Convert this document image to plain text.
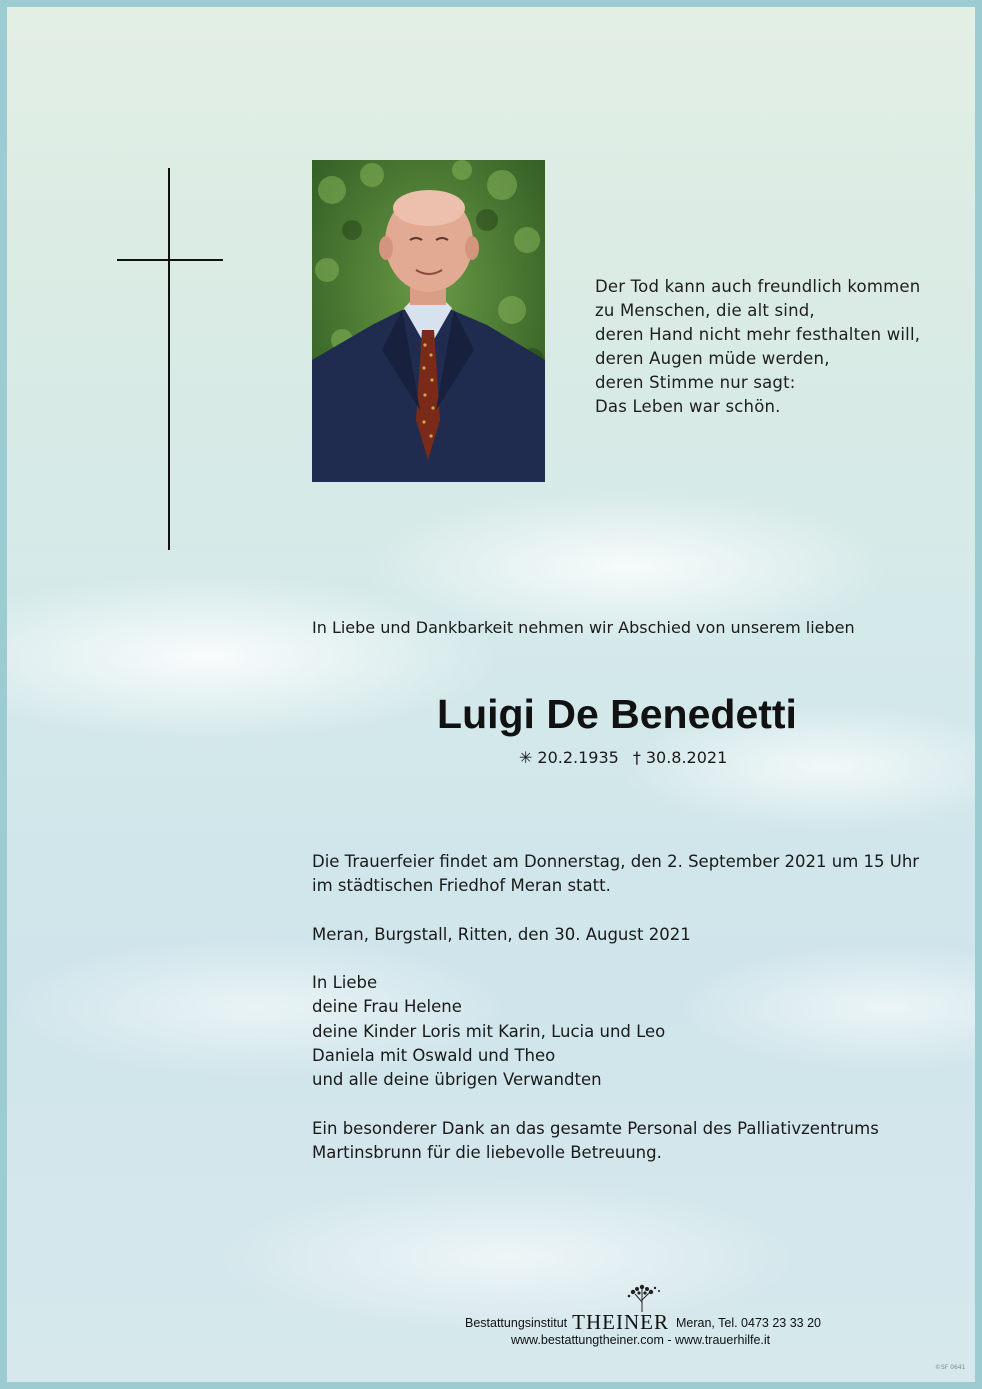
Der Tod kann auch freundlich kommen
zu Menschen, die alt sind,
deren Hand nicht mehr festhalten will,
deren Augen müde werden,
deren Stimme nur sagt:
Das Leben war schön.
In Liebe und Dankbarkeit nehmen wir Abschied von unserem lieben
Luigi De Benedetti
✳ 20.2.1935 † 30.8.2021
Die Trauerfeier findet am Donnerstag, den 2. September 2021 um 15 Uhr
im städtischen Friedhof Meran statt.
Meran, Burgstall, Ritten, den 30. August 2021
In Liebe
deine Frau Helene
deine Kinder Loris mit Karin, Lucia und Leo
Daniela mit Oswald und Theo
und alle deine übrigen Verwandten
Ein besonderer Dank an das gesamte Personal des Palliativzentrums
Martinsbrunn für die liebevolle Betreuung.
Bestattungsinstitut THEINER Meran, Tel. 0473 23 33 20
www.bestattungtheiner.com - www.trauerhilfe.it
©SF 0641
